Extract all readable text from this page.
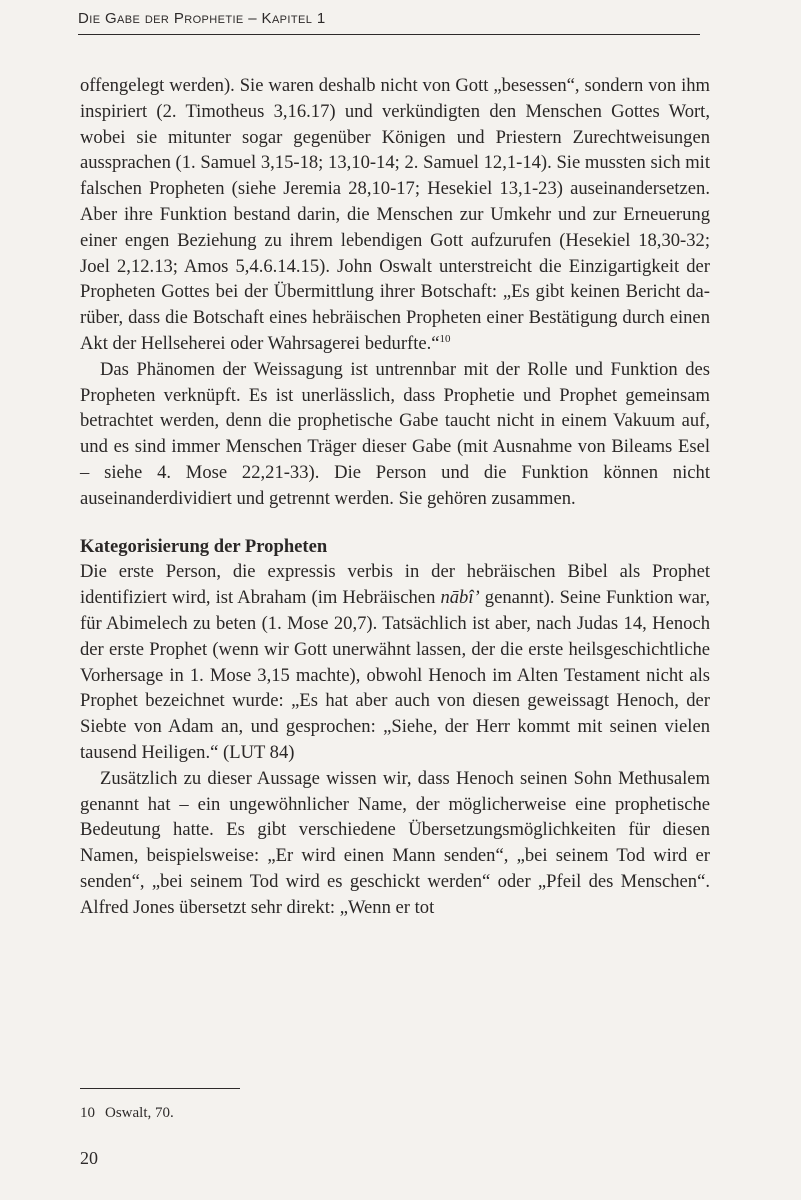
Die Gabe der Prophetie – Kapitel 1

offengelegt werden). Sie waren deshalb nicht von Gott „besessen“, sondern von ihm inspiriert (2. Timotheus 3,16.17) und verkündigten den Menschen Gottes Wort, wobei sie mitunter sogar gegenüber Königen und Priestern Zurechtweisungen aussprachen (1. Samuel 3,15-18; 13,10-14; 2. Samuel 12,1-14). Sie mussten sich mit falschen Propheten (siehe Jeremia 28,10-17; Hesekiel 13,1-23) auseinandersetzen. Aber ihre Funktion bestand darin, die Menschen zur Umkehr und zur Erneuerung einer engen Beziehung zu ihrem lebendigen Gott aufzurufen (Hesekiel 18,30-32; Joel 2,12.13; Amos 5,4.6.14.15). John Oswalt unterstreicht die Einzigartigkeit der Propheten Gottes bei der Übermittlung ihrer Botschaft: „Es gibt keinen Bericht darüber, dass die Botschaft eines hebräischen Propheten einer Bestätigung durch einen Akt der Hellseherei oder Wahrsagerei bedurfte.“$^{10}$

Das Phänomen der Weissagung ist untrennbar mit der Rolle und Funktion des Propheten verknüpft. Es ist unerlässlich, dass Prophetie und Prophet gemeinsam betrachtet werden, denn die prophetische Gabe taucht nicht in einem Vakuum auf, und es sind immer Menschen Träger dieser Gabe (mit Ausnahme von Bileams Esel – siehe 4. Mose 22,21-33). Die Person und die Funktion können nicht auseinanderdividiert und getrennt werden. Sie gehören zusammen.

Kategorisierung der Propheten

Die erste Person, die expressis verbis in der hebräischen Bibel als Prophet identifiziert wird, ist Abraham (im Hebräischen nābî’ genannt). Seine Funktion war, für Abimelech zu beten (1. Mose 20,7). Tatsächlich ist aber, nach Judas 14, Henoch der erste Prophet (wenn wir Gott unerwähnt lassen, der die erste heilsgeschichtliche Vorhersage in 1. Mose 3,15 machte), obwohl Henoch im Alten Testament nicht als Prophet bezeichnet wurde: „Es hat aber auch von diesen geweissagt Henoch, der Siebte von Adam an, und gesprochen: „Siehe, der Herr kommt mit seinen vielen tausend Heiligen.“ (LUT 84)

Zusätzlich zu dieser Aussage wissen wir, dass Henoch seinen Sohn Methusalem genannt hat – ein ungewöhnlicher Name, der möglicherweise eine prophetische Bedeutung hatte. Es gibt verschiedene Übersetzungsmöglichkeiten für diesen Namen, beispielsweise: „Er wird einen Mann senden“, „bei seinem Tod wird er senden“, „bei seinem Tod wird es geschickt werden“ oder „Pfeil des Menschen“. Alfred Jones übersetzt sehr direkt: „Wenn er tot

10 Oswalt, 70.
20
